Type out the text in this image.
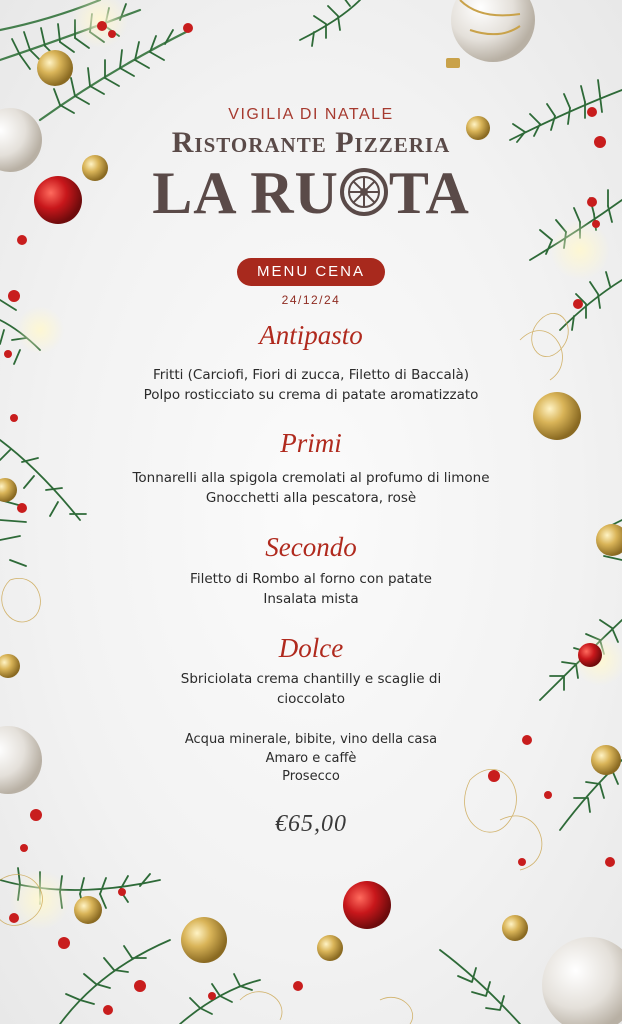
VIGILIA DI NATALE
Ristorante Pizzeria
LA RU TA
MENU CENA
24/12/24
Antipasto
Fritti (Carciofi, Fiori di zucca, Filetto di Baccalà)
Polpo rosticciato su crema di patate aromatizzato
Primi
Tonnarelli alla spigola cremolati al profumo di limone
Gnocchetti alla pescatora, rosè
Secondo
Filetto di Rombo al forno con patate
Insalata mista
Dolce
Sbriciolata crema chantilly e scaglie di
cioccolato
Acqua minerale, bibite, vino della casa
Amaro e caffè
Prosecco
€65,00
